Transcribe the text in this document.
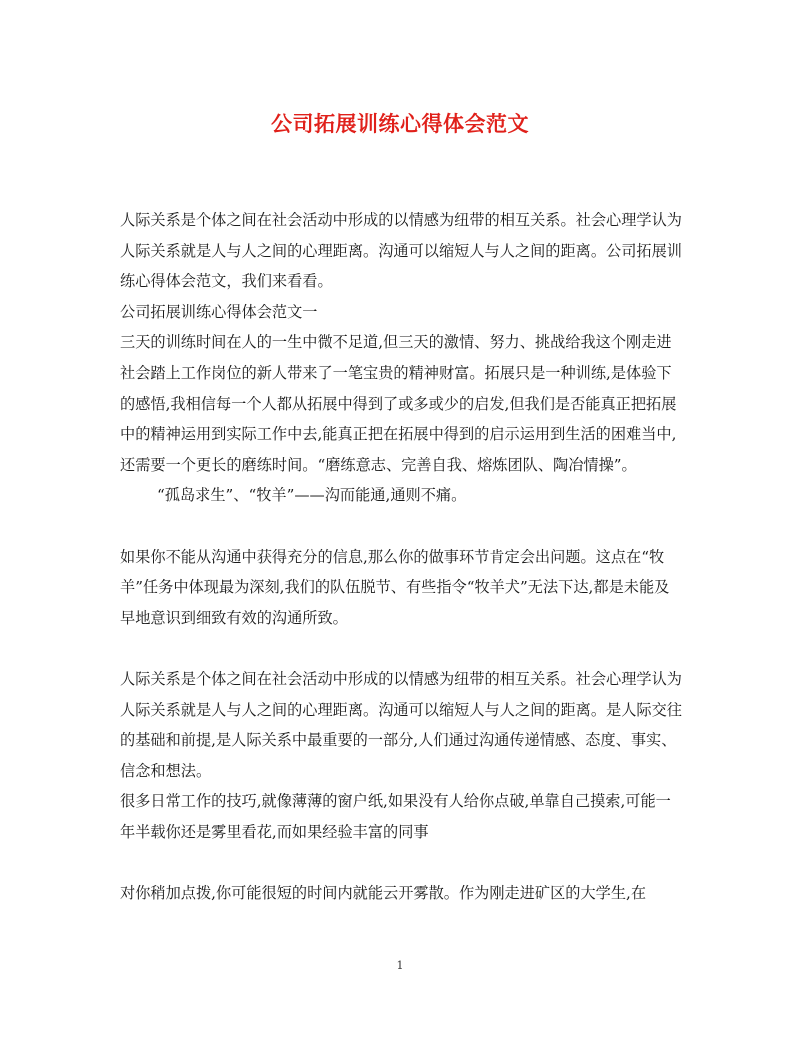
公司拓展训练心得体会范文

人际关系是个体之间在社会活动中形成的以情感为纽带的相互关系。社会心理学认为人际关系就是人与人之间的心理距离。沟通可以缩短人与人之间的距离。公司拓展训练心得体会范文，我们来看看。

公司拓展训练心得体会范文一

三天的训练时间在人的一生中微不足道,但三天的激情、努力、挑战给我这个刚走进社会踏上工作岗位的新人带来了一笔宝贵的精神财富。拓展只是一种训练,是体验下的感悟,我相信每一个人都从拓展中得到了或多或少的启发,但我们是否能真正把拓展中的精神运用到实际工作中去,能真正把在拓展中得到的启示运用到生活的困难当中,还需要一个更长的磨练时间。“磨练意志、完善自我、熔炼团队、陶冶情操”。

“孤岛求生”、“牧羊”——沟而能通,通则不痛。

如果你不能从沟通中获得充分的信息,那么你的做事环节肯定会出问题。这点在“牧羊”任务中体现最为深刻,我们的队伍脱节、有些指令“牧羊犬”无法下达,都是未能及早地意识到细致有效的沟通所致。

人际关系是个体之间在社会活动中形成的以情感为纽带的相互关系。社会心理学认为人际关系就是人与人之间的心理距离。沟通可以缩短人与人之间的距离。是人际交往的基础和前提,是人际关系中最重要的一部分,人们通过沟通传递情感、态度、事实、信念和想法。

很多日常工作的技巧,就像薄薄的窗户纸,如果没有人给你点破,单靠自己摸索,可能一年半载你还是雾里看花,而如果经验丰富的同事

对你稍加点拨,你可能很短的时间内就能云开雾散。作为刚走进矿区的大学生,在

1
